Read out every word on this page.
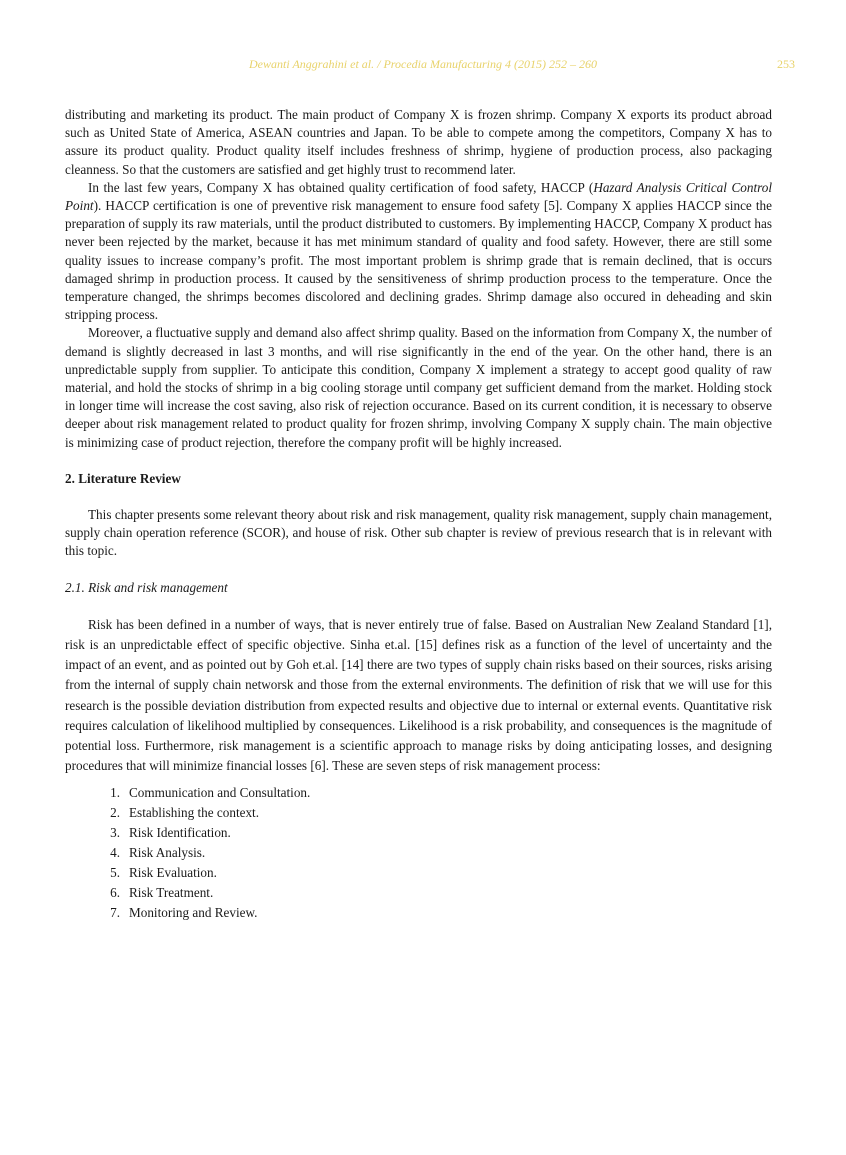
Dewanti Anggrahini et al. / Procedia Manufacturing 4 (2015) 252 – 260	253

distributing and marketing its product. The main product of Company X is frozen shrimp. Company X exports its product abroad such as United State of America, ASEAN countries and Japan. To be able to compete among the competitors, Company X has to assure its product quality. Product quality itself includes freshness of shrimp, hygiene of production process, also packaging cleanness. So that the customers are satisfied and get highly trust to recommend later.

In the last few years, Company X has obtained quality certification of food safety, HACCP (Hazard Analysis Critical Control Point). HACCP certification is one of preventive risk management to ensure food safety [5]. Company X applies HACCP since the preparation of supply its raw materials, until the product distributed to customers. By implementing HACCP, Company X product has never been rejected by the market, because it has met minimum standard of quality and food safety. However, there are still some quality issues to increase company’s profit. The most important problem is shrimp grade that is remain declined, that is occurs damaged shrimp in production process. It caused by the sensitiveness of shrimp production process to the temperature. Once the temperature changed, the shrimps becomes discolored and declining grades. Shrimp damage also occured in deheading and skin stripping process.

Moreover, a fluctuative supply and demand also affect shrimp quality. Based on the information from Company X, the number of demand is slightly decreased in last 3 months, and will rise significantly in the end of the year. On the other hand, there is an unpredictable supply from supplier. To anticipate this condition, Company X implement a strategy to accept good quality of raw material, and hold the stocks of shrimp in a big cooling storage until company get sufficient demand from the market. Holding stock in longer time will increase the cost saving, also risk of rejection occurance. Based on its current condition, it is necessary to observe deeper about risk management related to product quality for frozen shrimp, involving Company X supply chain. The main objective is minimizing case of product rejection, therefore the company profit will be highly increased.

2. Literature Review

This chapter presents some relevant theory about risk and risk management, quality risk management, supply chain management, supply chain operation reference (SCOR), and house of risk. Other sub chapter is review of previous research that is in relevant with this topic.

2.1. Risk and risk management

Risk has been defined in a number of ways, that is never entirely true of false. Based on Australian New Zealand Standard [1], risk is an unpredictable effect of specific objective. Sinha et.al. [15] defines risk as a function of the level of uncertainty and the impact of an event, and as pointed out by Goh et.al. [14] there are two types of supply chain risks based on their sources, risks arising from the internal of supply chain networsk and those from the external environments. The definition of risk that we will use for this research is the possible deviation distribution from expected results and objective due to internal or external events. Quantitative risk requires calculation of likelihood multiplied by consequences. Likelihood is a risk probability, and consequences is the magnitude of potential loss. Furthermore, risk management is a scientific approach to manage risks by doing anticipating losses, and designing procedures that will minimize financial losses [6]. These are seven steps of risk management process:

1. Communication and Consultation.
2. Establishing the context.
3. Risk Identification.
4. Risk Analysis.
5. Risk Evaluation.
6. Risk Treatment.
7. Monitoring and Review.
